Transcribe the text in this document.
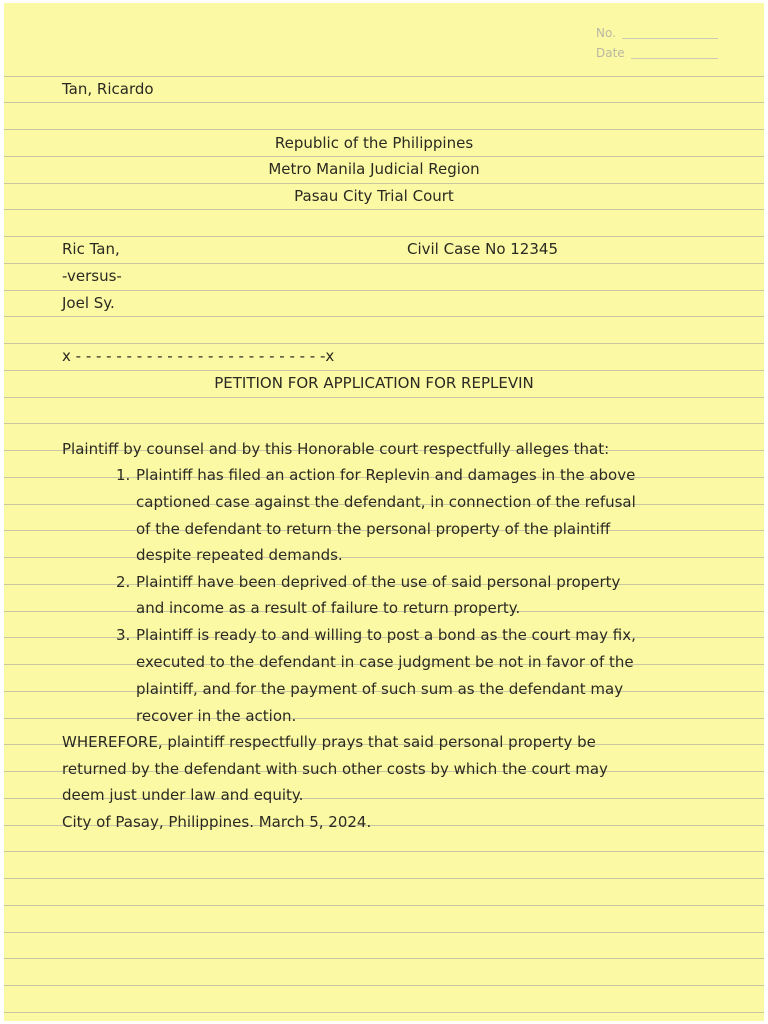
No.
Date
Tan, Ricardo
Republic of the Philippines
Metro Manila Judicial Region
Pasau City Trial Court
Ric Tan,	Civil Case No 12345
-versus-
Joel Sy.
x - - - - - - - - - - - - - - - - - - - - - - - - -x
PETITION FOR APPLICATION FOR REPLEVIN
Plaintiff by counsel and by this Honorable court respectfully alleges that:
1. Plaintiff has filed an action for Replevin and damages in the above
captioned case against the defendant, in connection of the refusal
of the defendant to return the personal property of the plaintiff
despite repeated demands.
2. Plaintiff have been deprived of the use of said personal property
and income as a result of failure to return property.
3. Plaintiff is ready to and willing to post a bond as the court may fix,
executed to the defendant in case judgment be not in favor of the
plaintiff, and for the payment of such sum as the defendant may
recover in the action.
WHEREFORE, plaintiff respectfully prays that said personal property be
returned by the defendant with such other costs by which the court may
deem just under law and equity.
City of Pasay, Philippines. March 5, 2024.
